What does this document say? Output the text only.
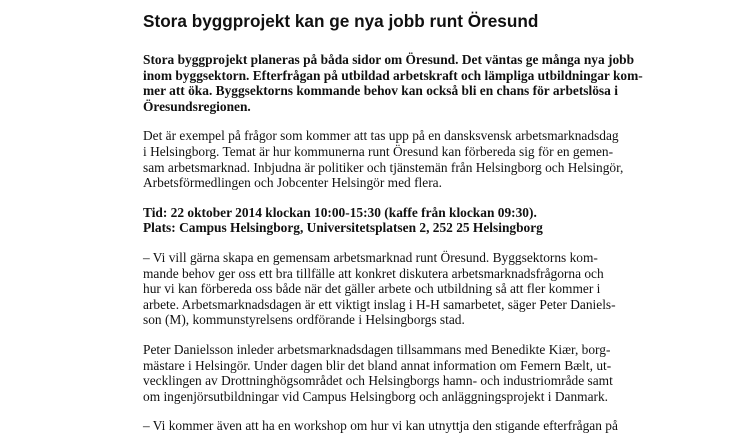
Stora byggprojekt kan ge nya jobb runt Öresund
Stora byggprojekt planeras på båda sidor om Öresund. Det väntas ge många nya jobb
inom byggsektorn. Efterfrågan på utbildad arbetskraft och lämpliga utbildningar kom-
mer att öka. Byggsektorns kommande behov kan också bli en chans för arbetslösa i
Öresundsregionen.
Det är exempel på frågor som kommer att tas upp på en dansksvensk arbetsmarknadsdag
i Helsingborg. Temat är hur kommunerna runt Öresund kan förbereda sig för en gemen-
sam arbetsmarknad. Inbjudna är politiker och tjänstemän från Helsingborg och Helsingör,
Arbetsförmedlingen och Jobcenter Helsingör med flera.
Tid: 22 oktober 2014 klockan 10:00-15:30 (kaffe från klockan 09:30).
Plats: Campus Helsingborg, Universitetsplatsen 2, 252 25 Helsingborg
– Vi vill gärna skapa en gemensam arbetsmarknad runt Öresund. Byggsektorns kom-
mande behov ger oss ett bra tillfälle att konkret diskutera arbetsmarknadsfrågorna och
hur vi kan förbereda oss både när det gäller arbete och utbildning så att fler kommer i
arbete. Arbetsmarknadsdagen är ett viktigt inslag i H-H samarbetet, säger Peter Daniels-
son (M), kommunstyrelsens ordförande i Helsingborgs stad.
Peter Danielsson inleder arbetsmarknadsdagen tillsammans med Benedikte Kiær, borg-
mästare i Helsingör. Under dagen blir det bland annat information om Femern Bælt, ut-
vecklingen av Drottninghögsområdet och Helsingborgs hamn- och industriområde samt
om ingenjörsutbildningar vid Campus Helsingborg och anläggningsprojekt i Danmark.
– Vi kommer även att ha en workshop om hur vi kan utnyttja den stigande efterfrågan på
